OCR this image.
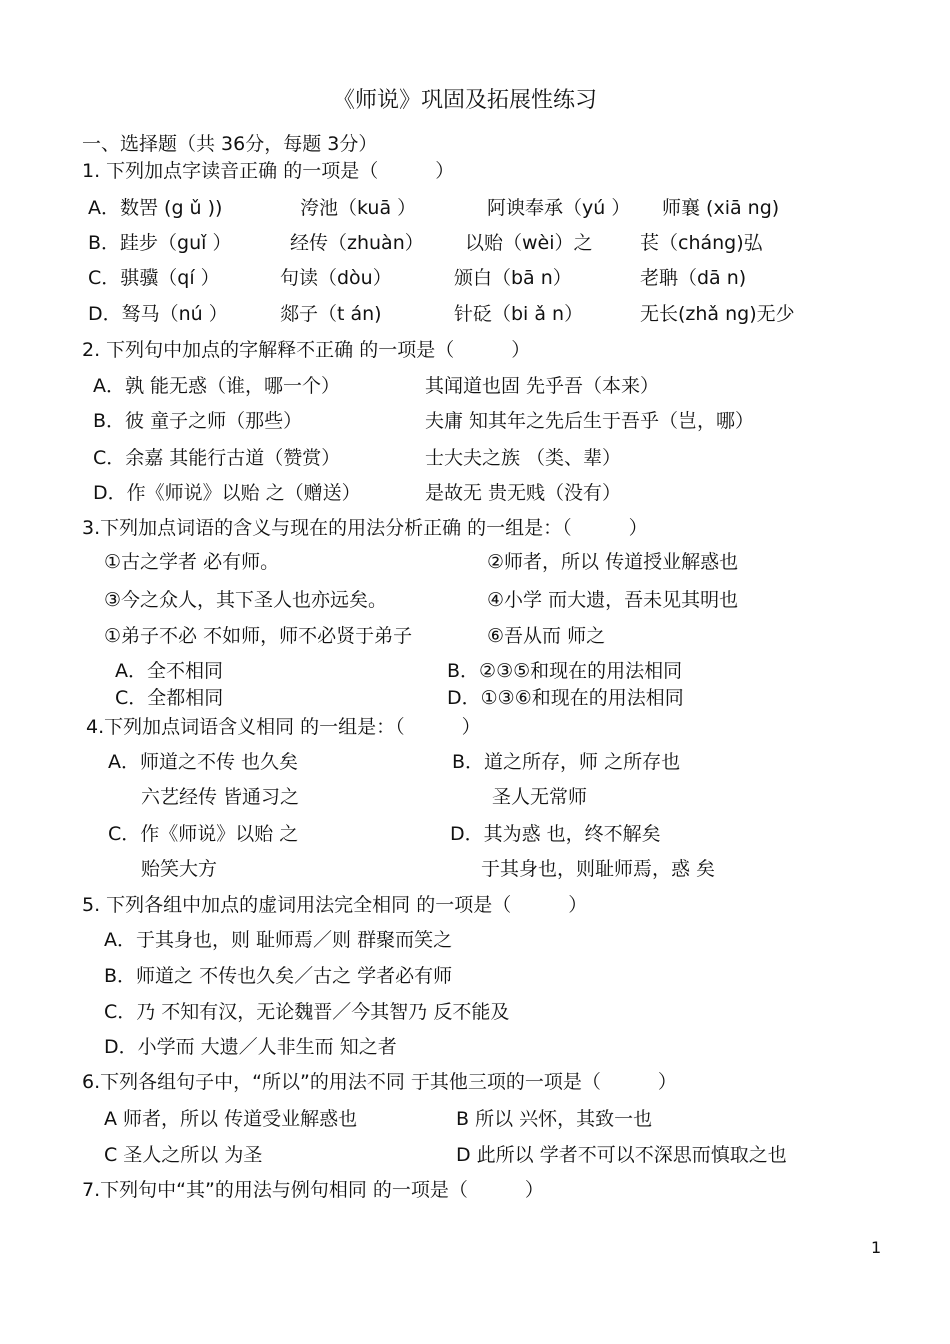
《师说》巩固及拓展性练习
一、选择题（共 36分，每题 3分）
1. 下列加点字读音正确 的一项是（　　　）
A．数罟 (g ǔ ))	洿池（kuā ）	阿谀奉承（yú ） 师襄 (xiā ng)
B．跬步（guǐ ）	经传（zhuàn） 以贻（wèi）之 苌（cháng)弘
C．骐骥（qí ）	句读（dòu）	颁白（bā n）	老聃（dā n)
D．驽马（nú ）	郯子（t án)	针砭（bi ǎ n）	无长(zhǎ ng)无少
2. 下列句中加点的字解释不正确 的一项是（　　　）
A．孰 能无惑（谁，哪一个）	其闻道也固 先乎吾（本来）
B．彼 童子之师（那些）	夫庸 知其年之先后生于吾乎（岂，哪）
C．余嘉 其能行古道（赞赏）	士大夫之族 （类、辈）
D．作《师说》以贻 之（赠送）	是故无 贵无贱（没有）
3.下列加点词语的含义与现在的用法分析正确 的一组是：（　　　）
①古之学者 必有师。	②师者，所以 传道授业解惑也
③今之众人，其下圣人也亦远矣。	④小学 而大遗，吾未见其明也
①弟子不必 不如师，师不必贤于弟子	⑥吾从而 师之
A．全不相同	B．②③⑤和现在的用法相同
C．全都相同	D．①③⑥和现在的用法相同
4.下列加点词语含义相同 的一组是：（　　　）
A．师道之不传 也久矣	B．道之所存，师 之所存也
六艺经传 皆通习之	圣人无常师
C．作《师说》以贻 之	D．其为惑 也，终不解矣
贻笑大方	于其身也，则耻师焉，惑 矣
5. 下列各组中加点的虚词用法完全相同 的一项是（　　　）
A．于其身也，则 耻师焉／则 群聚而笑之
B．师道之 不传也久矣／古之 学者必有师
C．乃 不知有汉，无论魏晋／今其智乃 反不能及
D．小学而 大遗／人非生而 知之者
6.下列各组句子中，“所以”的用法不同 于其他三项的一项是（　　　）
A 师者，所以 传道受业解惑也	B 所以 兴怀，其致一也
C 圣人之所以 为圣	D 此所以 学者不可以不深思而慎取之也
7.下列句中“其”的用法与例句相同 的一项是（　　　）
1
